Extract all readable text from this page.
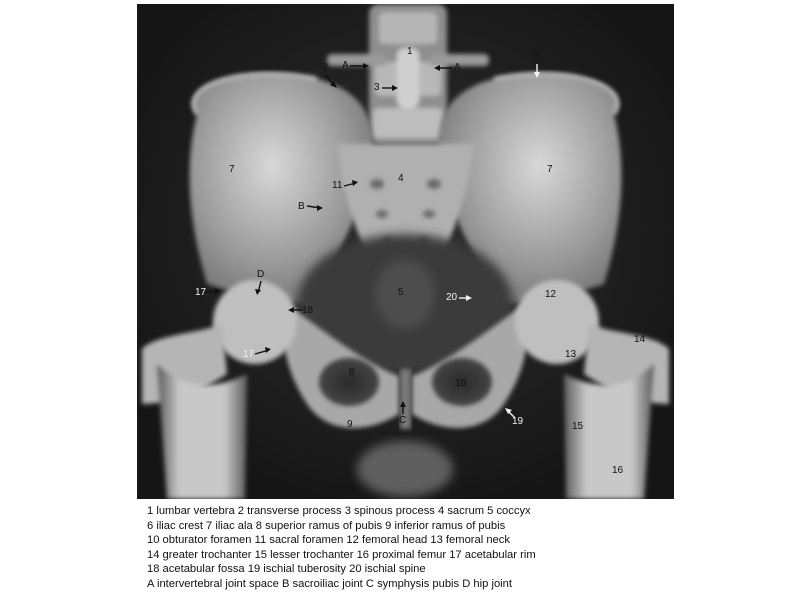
1
2
3
4
5
6
7	7
8
9
10
11
12
13
14
15
16
17
17
18
19
20
A	A
B
C
D
1 lumbar vertebra 2 transverse process 3 spinous process 4 sacrum 5 coccyx
6 iliac crest 7 iliac ala 8 superior ramus of pubis 9 inferior ramus of pubis
10 obturator foramen 11 sacral foramen 12 femoral head 13 femoral neck
14 greater trochanter 15 lesser trochanter 16 proximal femur 17 acetabular rim
18 acetabular fossa 19 ischial tuberosity 20 ischial spine
A intervertebral joint space B sacroiliac joint C symphysis pubis D hip joint
